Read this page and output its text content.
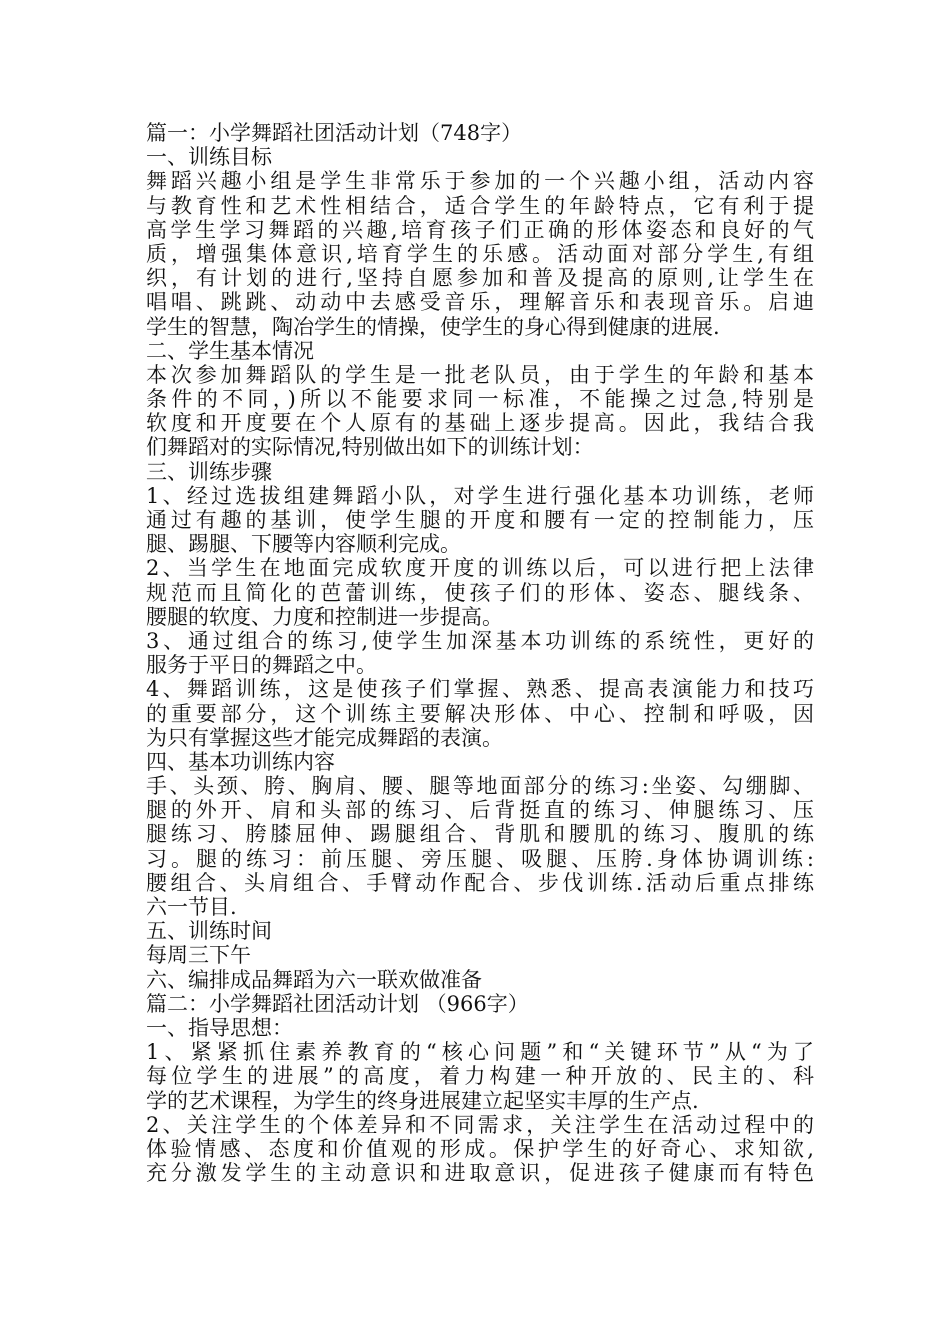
篇一：小学舞蹈社团活动计划（748字）
一、训练目标
舞蹈兴趣小组是学生非常乐于参加的一个兴趣小组，活动内容
与教育性和艺术性相结合，适合学生的年龄特点，它有利于提
高学生学习舞蹈的兴趣,培育孩子们正确的形体姿态和良好的气
质，增强集体意识,培育学生的乐感。活动面对部分学生,有组
织，有计划的进行,坚持自愿参加和普及提高的原则,让学生在
唱唱、跳跳、动动中去感受音乐，理解音乐和表现音乐。启迪
学生的智慧，陶冶学生的情操，使学生的身心得到健康的进展.
二、学生基本情况
本次参加舞蹈队的学生是一批老队员，由于学生的年龄和基本
条件的不同，)所以不能要求同一标准，不能操之过急,特别是
软度和开度要在个人原有的基础上逐步提高。因此，我结合我
们舞蹈对的实际情况,特别做出如下的训练计划：
三、训练步骤
1、经过选拔组建舞蹈小队，对学生进行强化基本功训练，老师
通过有趣的基训，使学生腿的开度和腰有一定的控制能力，压
腿、踢腿、下腰等内容顺利完成。
2、当学生在地面完成软度开度的训练以后，可以进行把上法律
规范而且简化的芭蕾训练，使孩子们的形体、姿态、腿线条、
腰腿的软度、力度和控制进一步提高。
3、通过组合的练习,使学生加深基本功训练的系统性，更好的
服务于平日的舞蹈之中。
4、舞蹈训练，这是使孩子们掌握、熟悉、提高表演能力和技巧
的重要部分，这个训练主要解决形体、中心、控制和呼吸，因
为只有掌握这些才能完成舞蹈的表演。
四、基本功训练内容
手、头颈、胯、胸肩、腰、腿等地面部分的练习:坐姿、勾绷脚、
腿的外开、肩和头部的练习、后背挺直的练习、伸腿练习、压
腿练习、胯膝屈伸、踢腿组合、背肌和腰肌的练习、腹肌的练
习。腿的练习：前压腿、旁压腿、吸腿、压胯.身体协调训练:
腰组合、头肩组合、手臂动作配合、步伐训练.活动后重点排练
六一节目.
五、训练时间
每周三下午
六、编排成品舞蹈为六一联欢做准备
篇二：小学舞蹈社团活动计划 （966字）
一、指导思想：
1、紧紧抓住素养教育的“核心问题”和“关键环节”从“为了
每位学生的进展”的高度，着力构建一种开放的、民主的、科
学的艺术课程，为学生的终身进展建立起坚实丰厚的生产点.
2、关注学生的个体差异和不同需求，关注学生在活动过程中的
体验情感、态度和价值观的形成。保护学生的好奇心、求知欲,
充分激发学生的主动意识和进取意识，促进孩子健康而有特色
